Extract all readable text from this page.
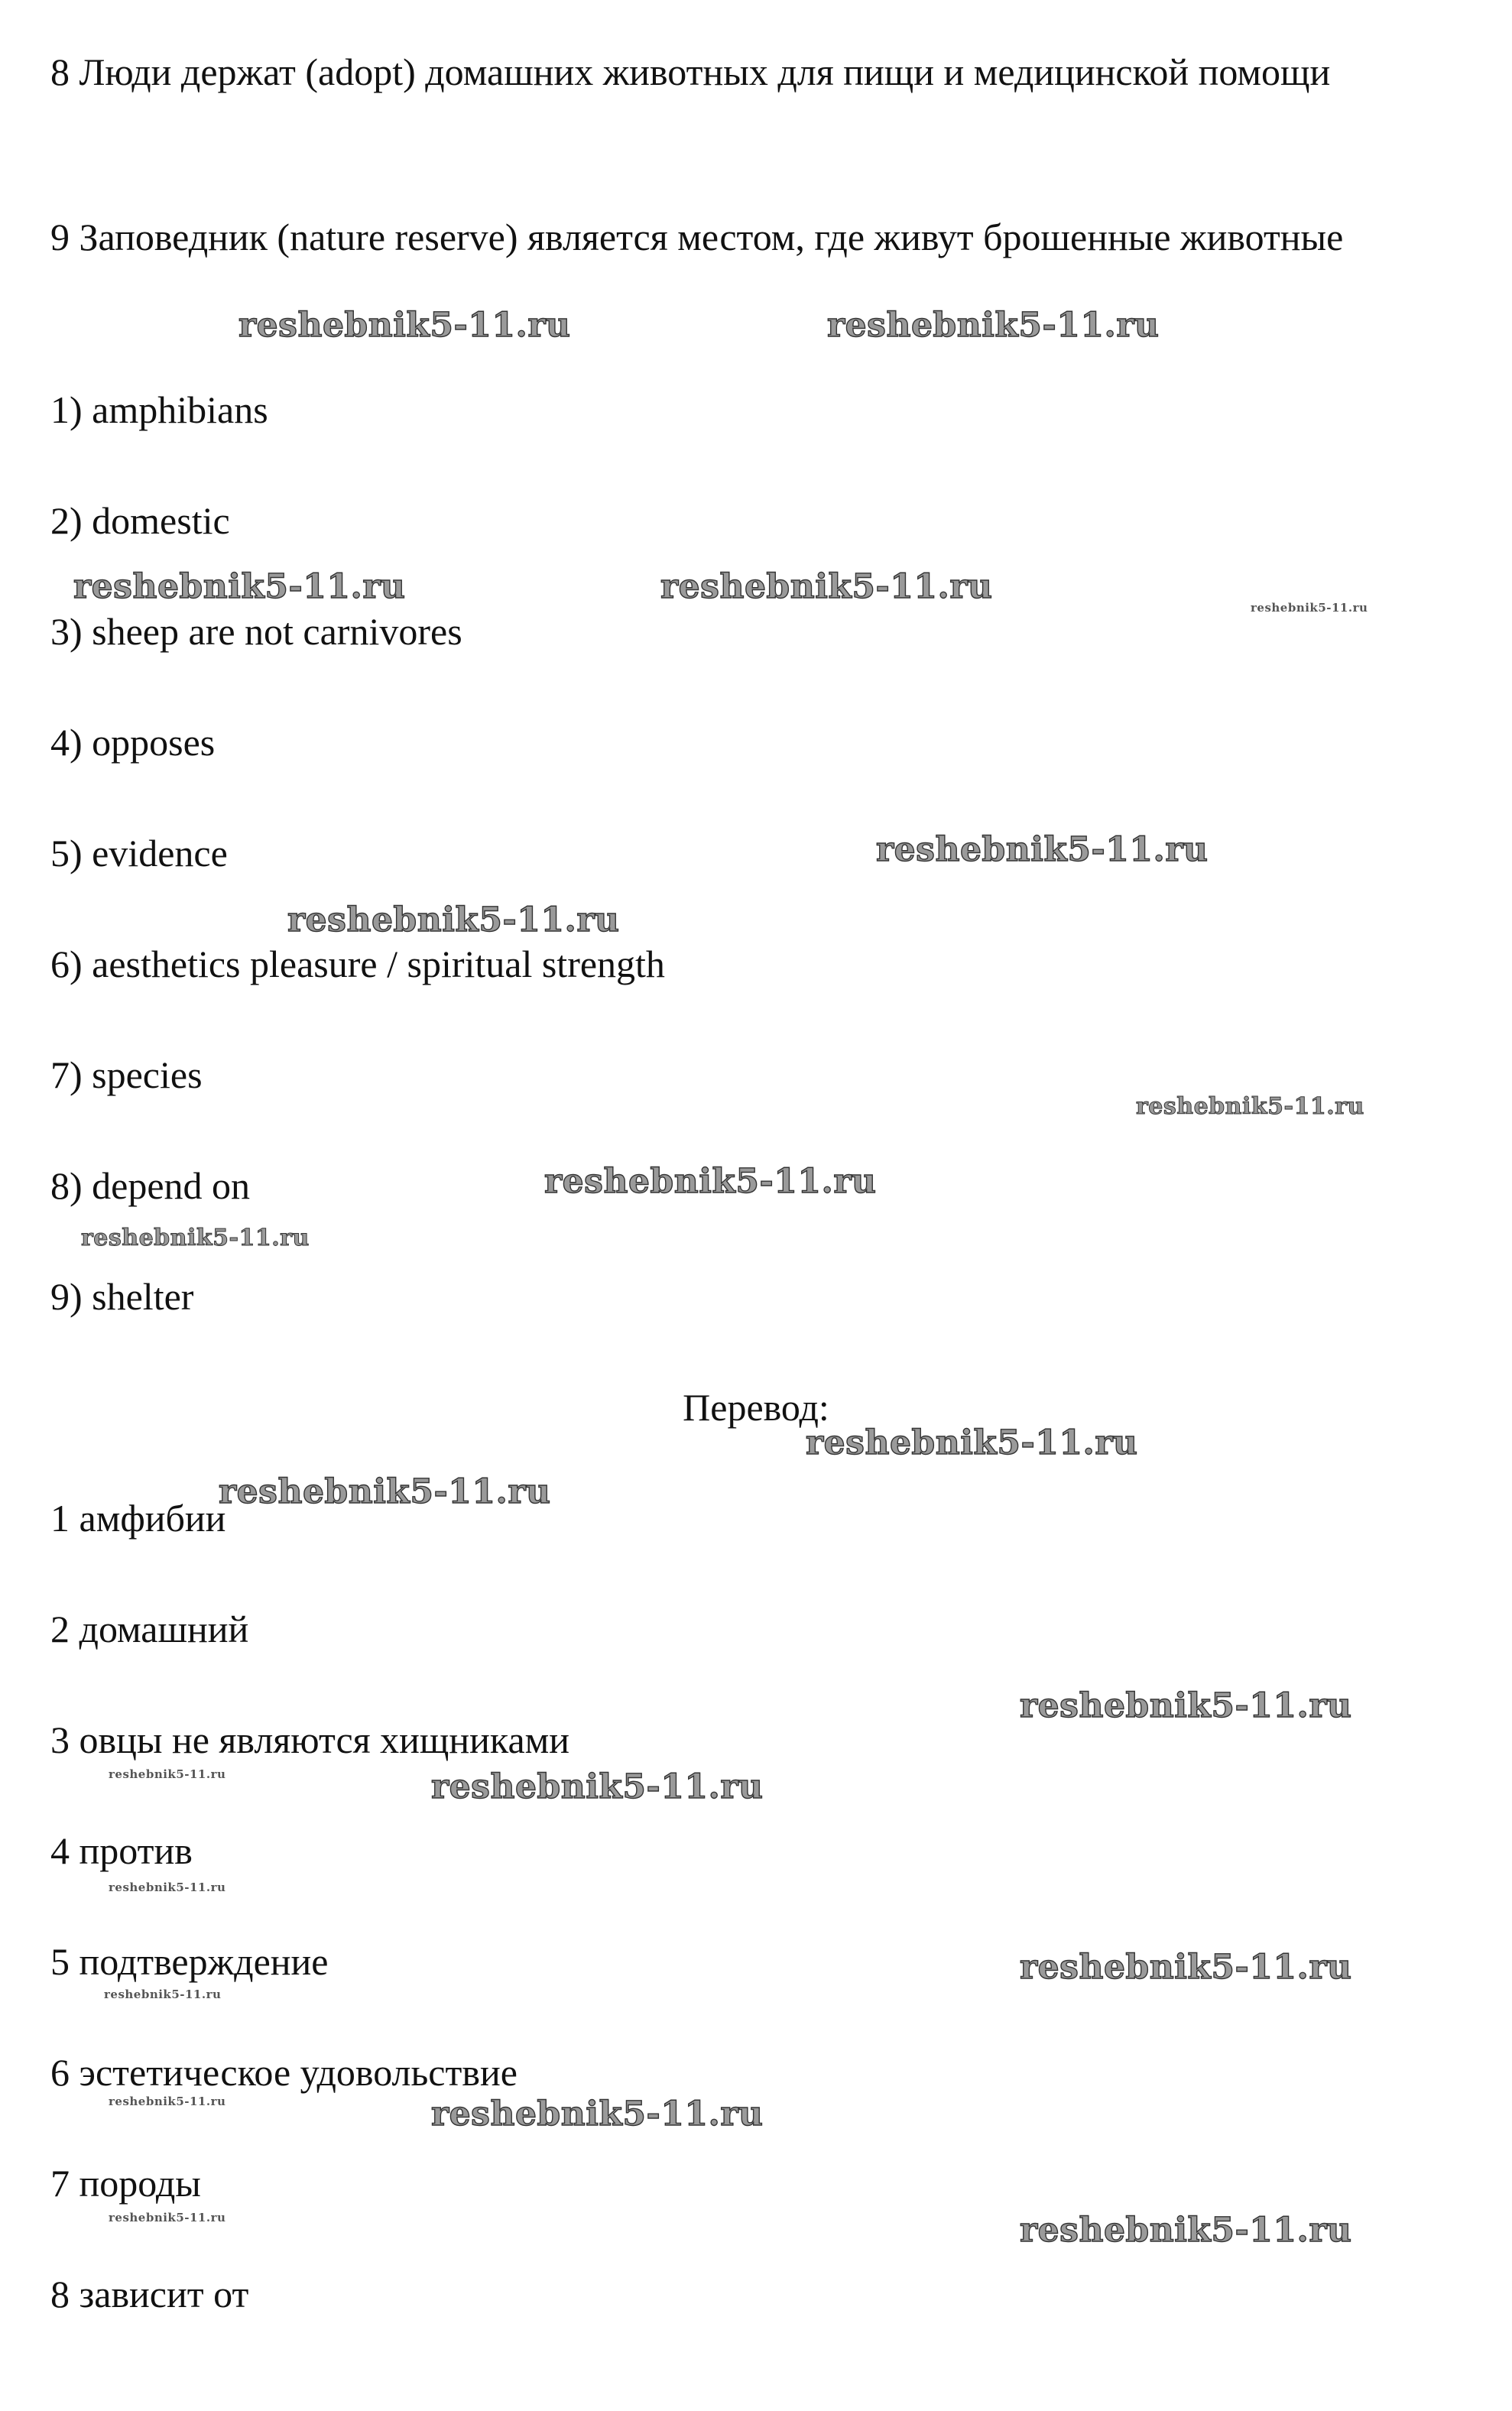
8 Люди держат (adopt) домашних животных для пищи и медицинской помощи
9 Заповедник (nature reserve) является местом, где живут брошенные животные
1) amphibians
2) domestic
3) sheep are not carnivores
4) opposes
5) evidence
6) aesthetics pleasure / spiritual strength
7) species
8) depend on
9) shelter
Перевод:
1 амфибии
2 домашний
3 овцы не являются хищниками
4 против
5 подтверждение
6 эстетическое удовольствие
7 породы
8 зависит от
reshebnik5-11.ru	reshebnik5-11.ru
reshebnik5-11.ru	reshebnik5-11.ru
reshebnik5-11.ru
reshebnik5-11.ru
reshebnik5-11.ru
reshebnik5-11.ru
reshebnik5-11.ru
reshebnik5-11.ru
reshebnik5-11.ru
reshebnik5-11.ru
reshebnik5-11.ru
reshebnik5-11.ru	reshebnik5-11.ru
reshebnik5-11.ru
reshebnik5-11.ru
reshebnik5-11.ru
reshebnik5-11.ru	reshebnik5-11.ru
reshebnik5-11.ru	reshebnik5-11.ru
